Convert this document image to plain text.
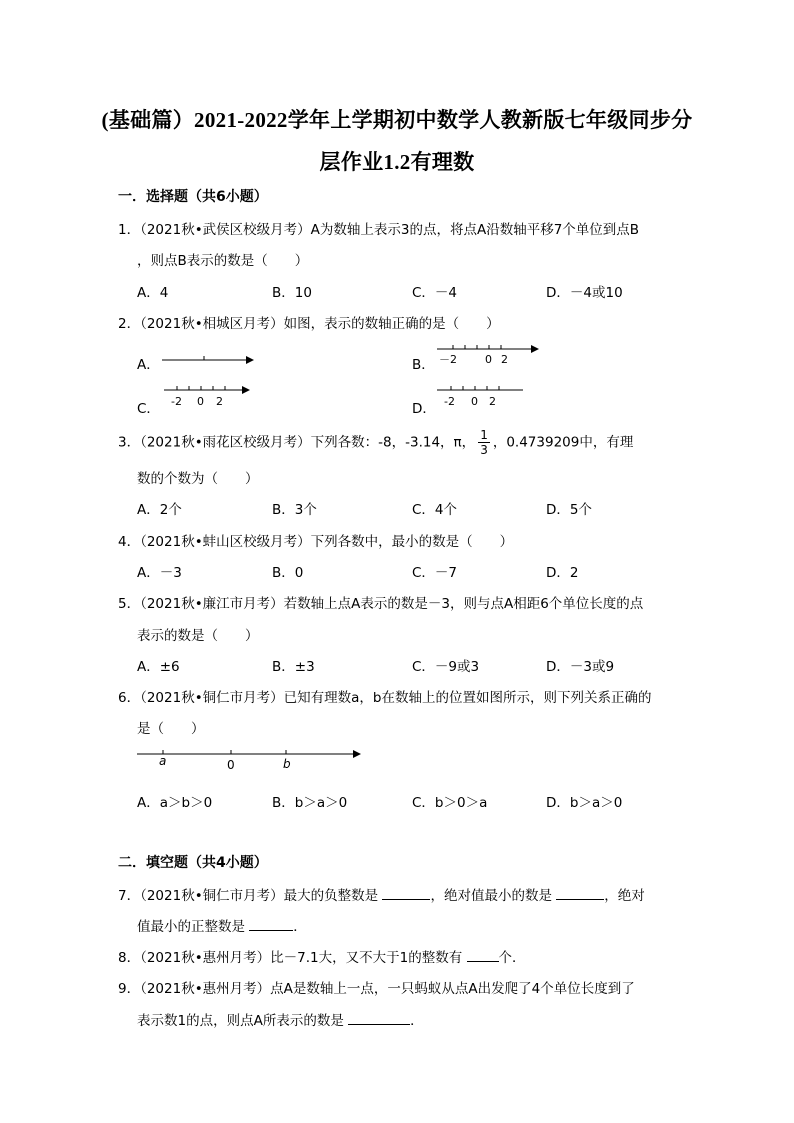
(基础篇）2021-2022学年上学期初中数学人教新版七年级同步分
层作业1.2有理数
一．选择题（共6小题）
1．（2021秋•武侯区校级月考）A为数轴上表示3的点，将点A沿数轴平移7个单位到点B
，则点B表示的数是（　　）
A．4	B．10	C．－4	D．－4或10
2．（2021秋•相城区月考）如图，表示的数轴正确的是（　　）
A．	B． －2	0 2
C． -2 0 2	D． -2 0 2
3．（2021秋•雨花区校级月考）下列各数：-8，-3.14，π， $\frac{1}{3}$ ，0.4739209中，有理
数的个数为（　　）
A．2个	B．3个	C．4个	D．5个
4．（2021秋•蚌山区校级月考）下列各数中，最小的数是（　　）
A．－3	B．0	C．－7	D．2
5．（2021秋•廉江市月考）若数轴上点A表示的数是－3，则与点A相距6个单位长度的点
表示的数是（　　）
A．±6	B．±3	C．－9或3	D．－3或9
6．（2021秋•铜仁市月考）已知有理数a，b在数轴上的位置如图所示，则下列关系正确的
是（　　）
a	0	b
A．a＞b＞0	B．b＞a＞0	C．b＞0＞a	D．b＞a＞0
二．填空题（共4小题）
7．（2021秋•铜仁市月考）最大的负整数是	，绝对值最小的数是	，绝对
值最小的正整数是	．
8．（2021秋•惠州月考）比－7.1大，又不大于1的整数有	个．
9．（2021秋•惠州月考）点A是数轴上一点，一只蚂蚁从点A出发爬了4个单位长度到了
表示数1的点，则点A所表示的数是	．
